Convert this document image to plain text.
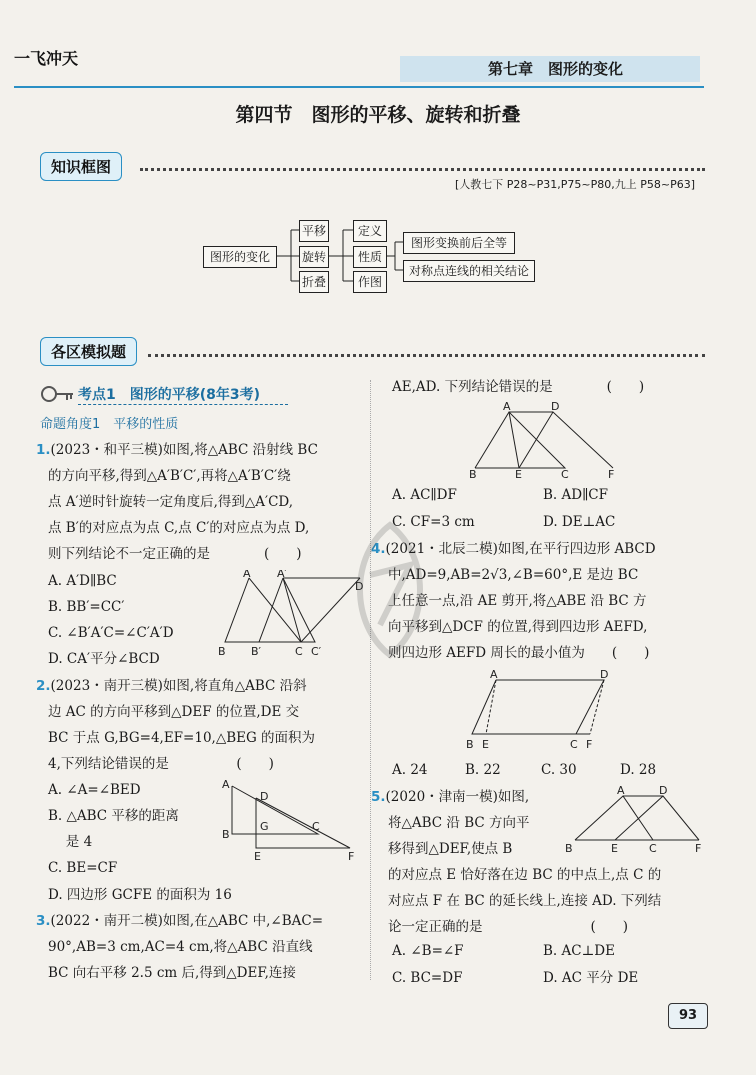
一飞冲天
第七章　图形的变化
第四节　图形的平移、旋转和折叠
知识框图
[人教七下 P28~P31,P75~P80,九上 P58~P63]
图形的变化
平移
旋转
折叠
定义
性质
作图
图形变换前后全等
对称点连线的相关结论
各区模拟题
考点1　图形的平移(8年3考)
命题角度1　平移的性质
1.(2023・和平三模)如图,将△ABC 沿射线 BC
的方向平移,得到△A′B′C′,再将△A′B′C′绕
点 A′逆时针旋转一定角度后,得到△A′CD,
点 B′的对应点为点 C,点 C′的对应点为点 D,
则下列结论不一定正确的是　　　　(　　)
A. A′D∥BC
B. BB′=CC′
C. ∠B′A′C=∠C′A′D
D. CA′平分∠BCD
A A′
D
B B′	C C′
2.(2023・南开三模)如图,将直角△ABC 沿斜
边 AC 的方向平移到△DEF 的位置,DE 交
BC 于点 G,BG=4,EF=10,△BEG 的面积为
4,下列结论错误的是　　　　　(　　)
A. ∠A=∠BED
B. △ABC 平移的距离
　 是 4
C. BE=CF
D. 四边形 GCFE 的面积为 16
A
D
B
G	C
E	F
3.(2022・南开二模)如图,在△ABC 中,∠BAC=
90°,AB=3 cm,AC=4 cm,将△ABC 沿直线
BC 向右平移 2.5 cm 后,得到△DEF,连接
AE,AD. 下列结论错误的是　　　　(　　)
A	D
B	E	C	F
A. AC∥DF	B. AD∥CF
C. CF=3 cm	D. DE⊥AC
4.(2021・北辰二模)如图,在平行四边形 ABCD
中,AD=9,AB=2√3,∠B=60°,E 是边 BC
上任意一点,沿 AE 剪开,将△ABE 沿 BC 方
向平移到△DCF 的位置,得到四边形 AEFD,
则四边形 AEFD 周长的最小值为　　(　　)
A	D
B E	C F
A. 24	B. 22	C. 30	D. 28
5.(2020・津南一模)如图,
将△ABC 沿 BC 方向平
移得到△DEF,使点 B
的对应点 E 恰好落在边 BC 的中点上,点 C 的
对应点 F 在 BC 的延长线上,连接 AD. 下列结
论一定正确的是　　　　　　　　(　　)
A	D
B	E	C	F
A. ∠B=∠F	B. AC⊥DE
C. BC=DF	D. AC 平分 DE
93
